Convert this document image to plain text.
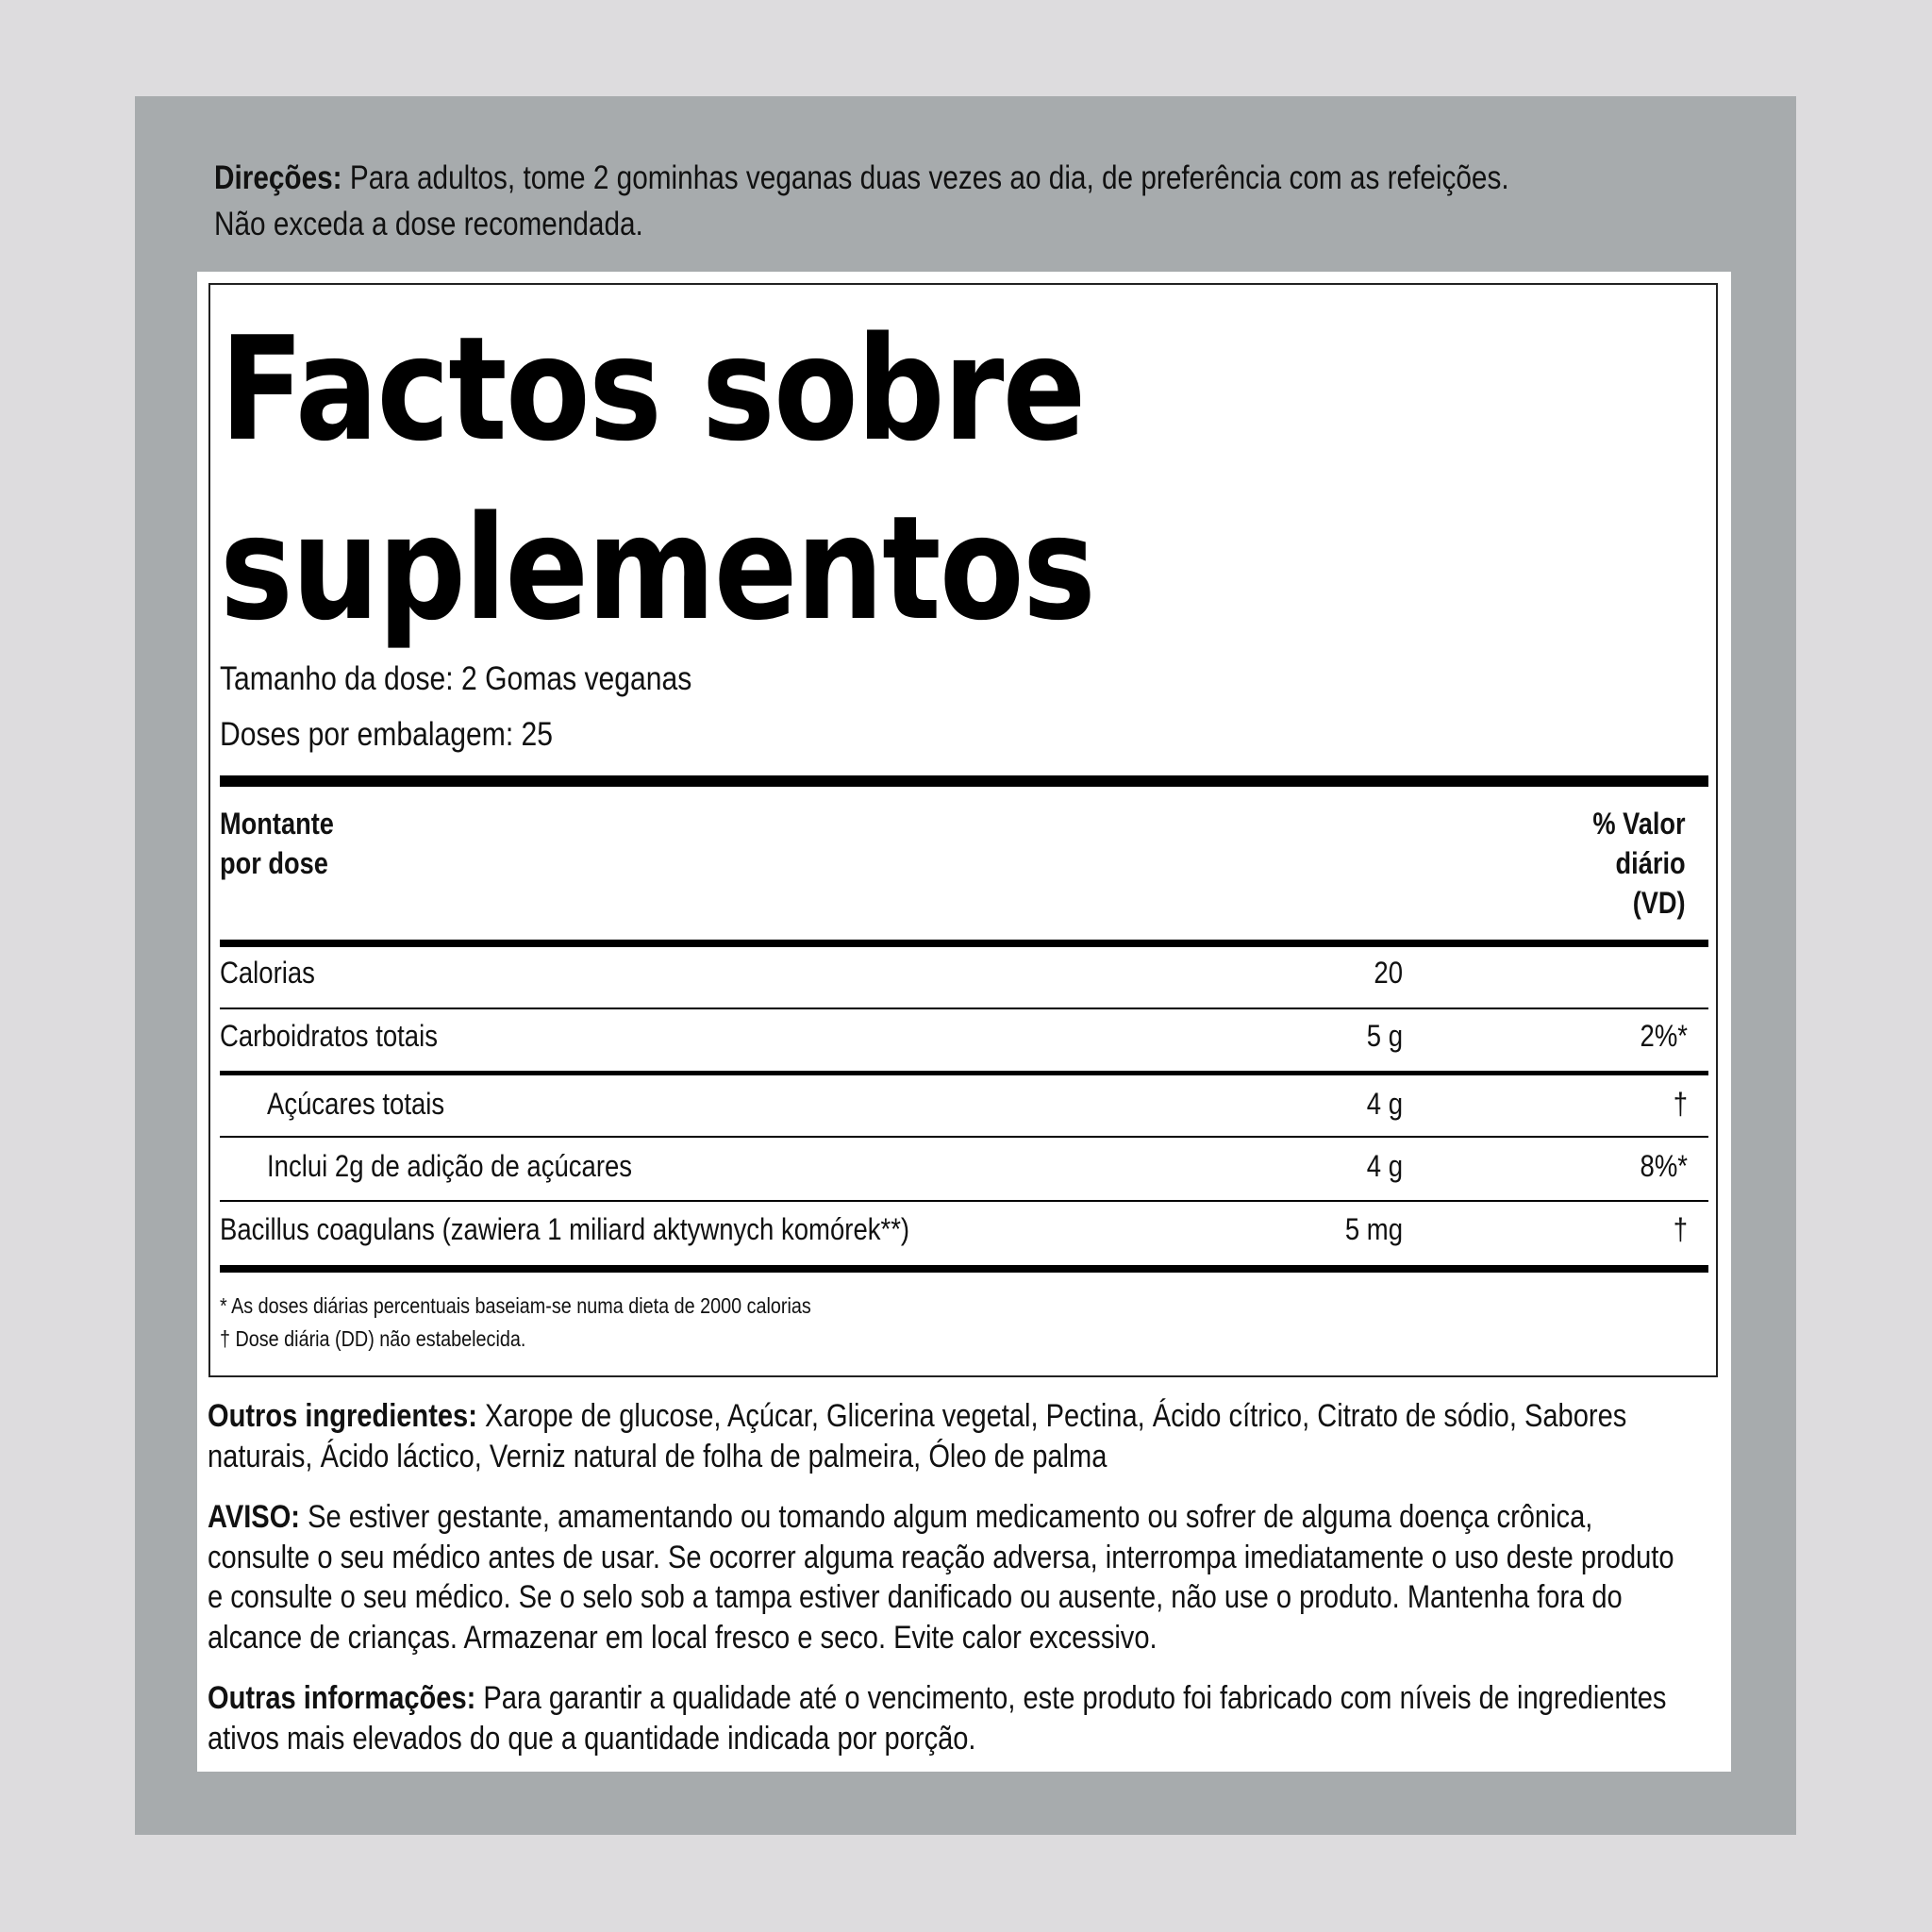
Direções: Para adultos, tome 2 gominhas veganas duas vezes ao dia, de preferência com as refeições.
Não exceda a dose recomendada.
Factos sobre
suplementos
Tamanho da dose: 2 Gomas veganas
Doses por embalagem: 25
Montante
por dose
% Valor
diário
(VD)
Calorias	20
Carboidratos totais	5 g	2%*
Açúcares totais	4 g	†
Inclui 2g de adição de açúcares	4 g	8%*
Bacillus coagulans (zawiera 1 miliard aktywnych komórek**)	5 mg	†
* As doses diárias percentuais baseiam-se numa dieta de 2000 calorias
† Dose diária (DD) não estabelecida.

Outros ingredientes: Xarope de glucose, Açúcar, Glicerina vegetal, Pectina, Ácido cítrico, Citrato de sódio, Sabores
naturais, Ácido láctico, Verniz natural de folha de palmeira, Óleo de palma

AVISO: Se estiver gestante, amamentando ou tomando algum medicamento ou sofrer de alguma doença crônica,
consulte o seu médico antes de usar. Se ocorrer alguma reação adversa, interrompa imediatamente o uso deste produto
e consulte o seu médico. Se o selo sob a tampa estiver danificado ou ausente, não use o produto. Mantenha fora do
alcance de crianças. Armazenar em local fresco e seco. Evite calor excessivo.

Outras informações: Para garantir a qualidade até o vencimento, este produto foi fabricado com níveis de ingredientes
ativos mais elevados do que a quantidade indicada por porção.
